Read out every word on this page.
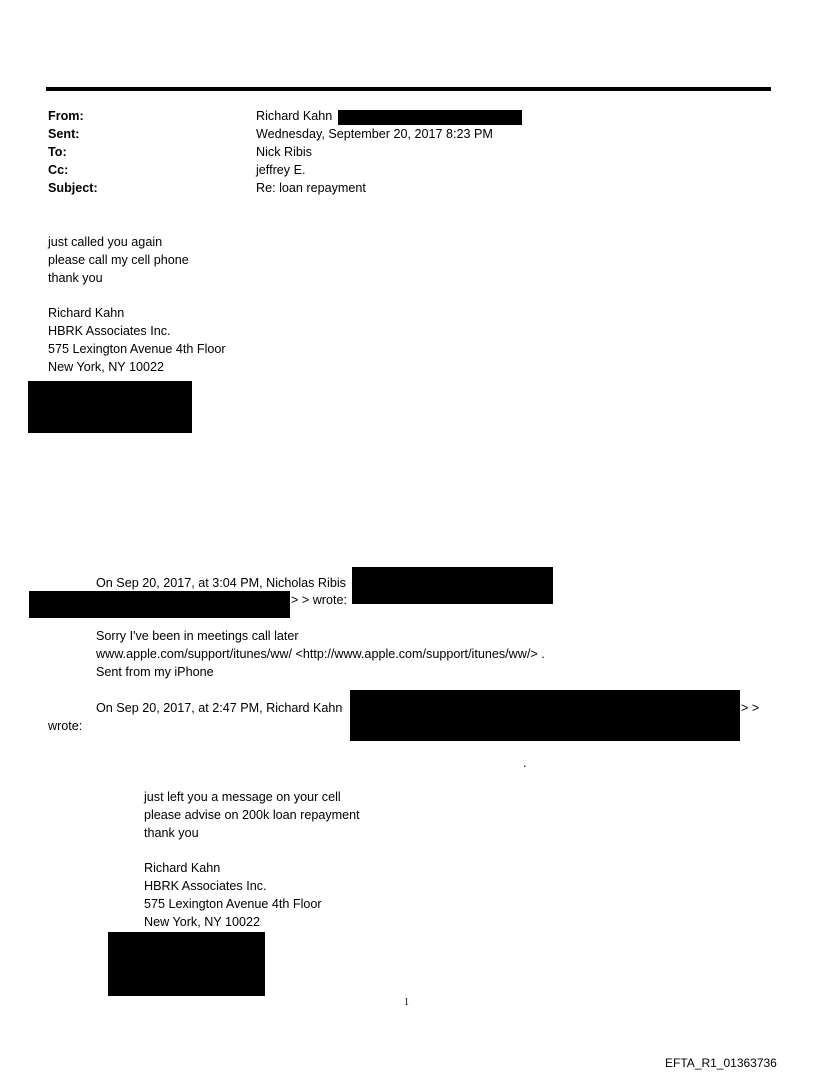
From:	Richard Kahn
Sent:	Wednesday, September 20, 2017 8:23 PM
To:	Nick Ribis
Cc:	jeffrey E.
Subject:	Re: loan repayment
just called you again
please call my cell phone
thank you
Richard Kahn
HBRK Associates Inc.
575 Lexington Avenue 4th Floor
New York, NY 10022
On Sep 20, 2017, at 3:04 PM, Nicholas Ribis
> > wrote:
Sorry I've been in meetings call later
www.apple.com/support/itunes/ww/ <http://www.apple.com/support/itunes/ww/> .
Sent from my iPhone
On Sep 20, 2017, at 2:47 PM, Richard Kahn	> >
wrote:
.
just left you a message on your cell
please advise on 200k loan repayment
thank you
Richard Kahn
HBRK Associates Inc.
575 Lexington Avenue 4th Floor
New York, NY 10022
1
EFTA_R1_01363736
